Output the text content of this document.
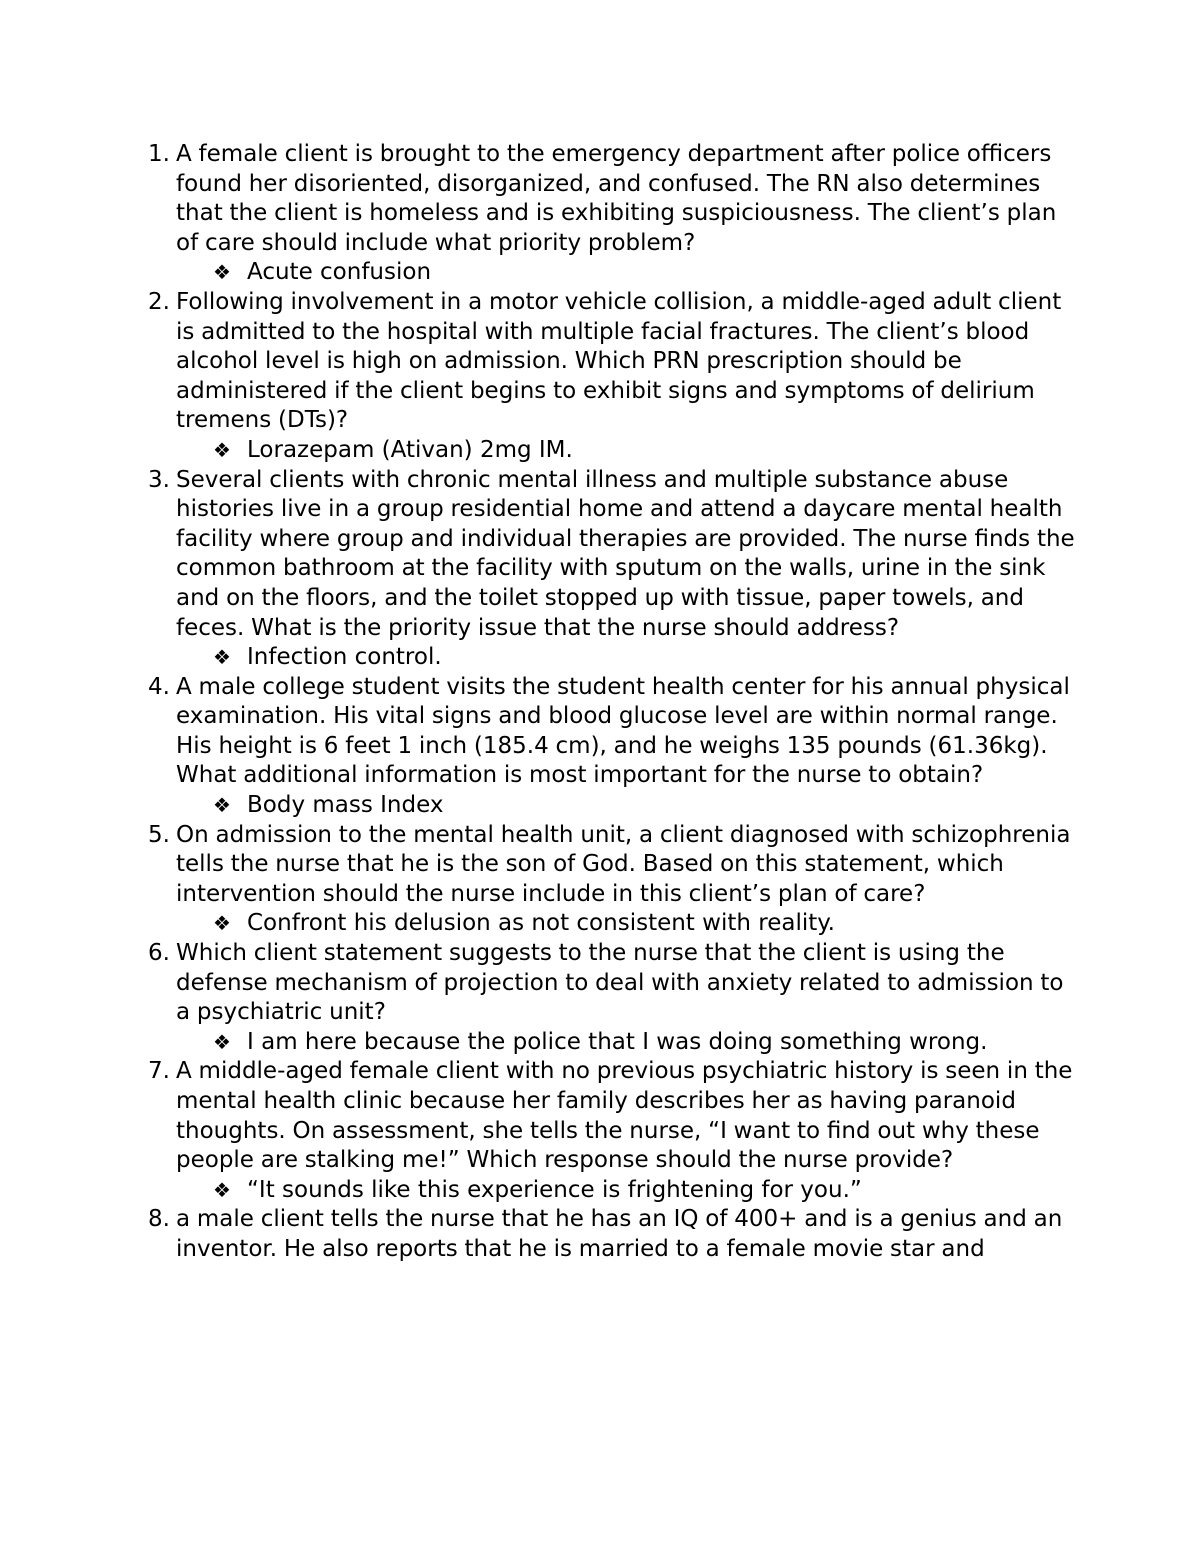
1. A female client is brought to the emergency department after police officers found her disoriented, disorganized, and confused. The RN also determines that the client is homeless and is exhibiting suspiciousness. The client’s plan of care should include what priority problem?
❖ Acute confusion
2. Following involvement in a motor vehicle collision, a middle-aged adult client is admitted to the hospital with multiple facial fractures. The client’s blood alcohol level is high on admission. Which PRN prescription should be administered if the client begins to exhibit signs and symptoms of delirium tremens (DTs)?
❖ Lorazepam (Ativan) 2mg IM.
3. Several clients with chronic mental illness and multiple substance abuse histories live in a group residential home and attend a daycare mental health facility where group and individual therapies are provided. The nurse finds the common bathroom at the facility with sputum on the walls, urine in the sink and on the floors, and the toilet stopped up with tissue, paper towels, and feces. What is the priority issue that the nurse should address?
❖ Infection control.
4. A male college student visits the student health center for his annual physical examination. His vital signs and blood glucose level are within normal range. His height is 6 feet 1 inch (185.4 cm), and he weighs 135 pounds (61.36kg). What additional information is most important for the nurse to obtain?
❖ Body mass Index
5. On admission to the mental health unit, a client diagnosed with schizophrenia tells the nurse that he is the son of God. Based on this statement, which intervention should the nurse include in this client’s plan of care?
❖ Confront his delusion as not consistent with reality.
6. Which client statement suggests to the nurse that the client is using the defense mechanism of projection to deal with anxiety related to admission to a psychiatric unit?
❖ I am here because the police that I was doing something wrong.
7. A middle-aged female client with no previous psychiatric history is seen in the mental health clinic because her family describes her as having paranoid thoughts. On assessment, she tells the nurse, “I want to find out why these people are stalking me!” Which response should the nurse provide?
❖ “It sounds like this experience is frightening for you.”
8. a male client tells the nurse that he has an IQ of 400+ and is a genius and an inventor. He also reports that he is married to a female movie star and
